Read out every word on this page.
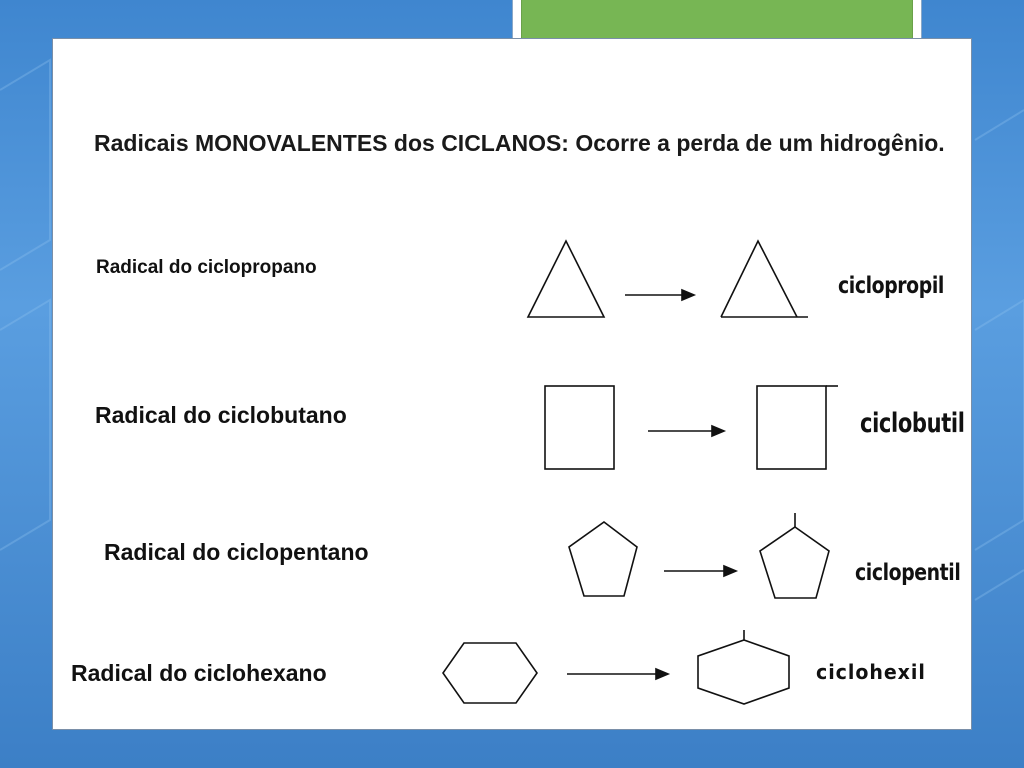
Radicais MONOVALENTES dos CICLANOS: Ocorre a perda de um hidrogênio.

Radical do ciclopropano
Radical do ciclobutano
Radical do ciclopentano
Radical do ciclohexano
ciclopropil
ciclobutil
ciclopentil
ciclohexil
